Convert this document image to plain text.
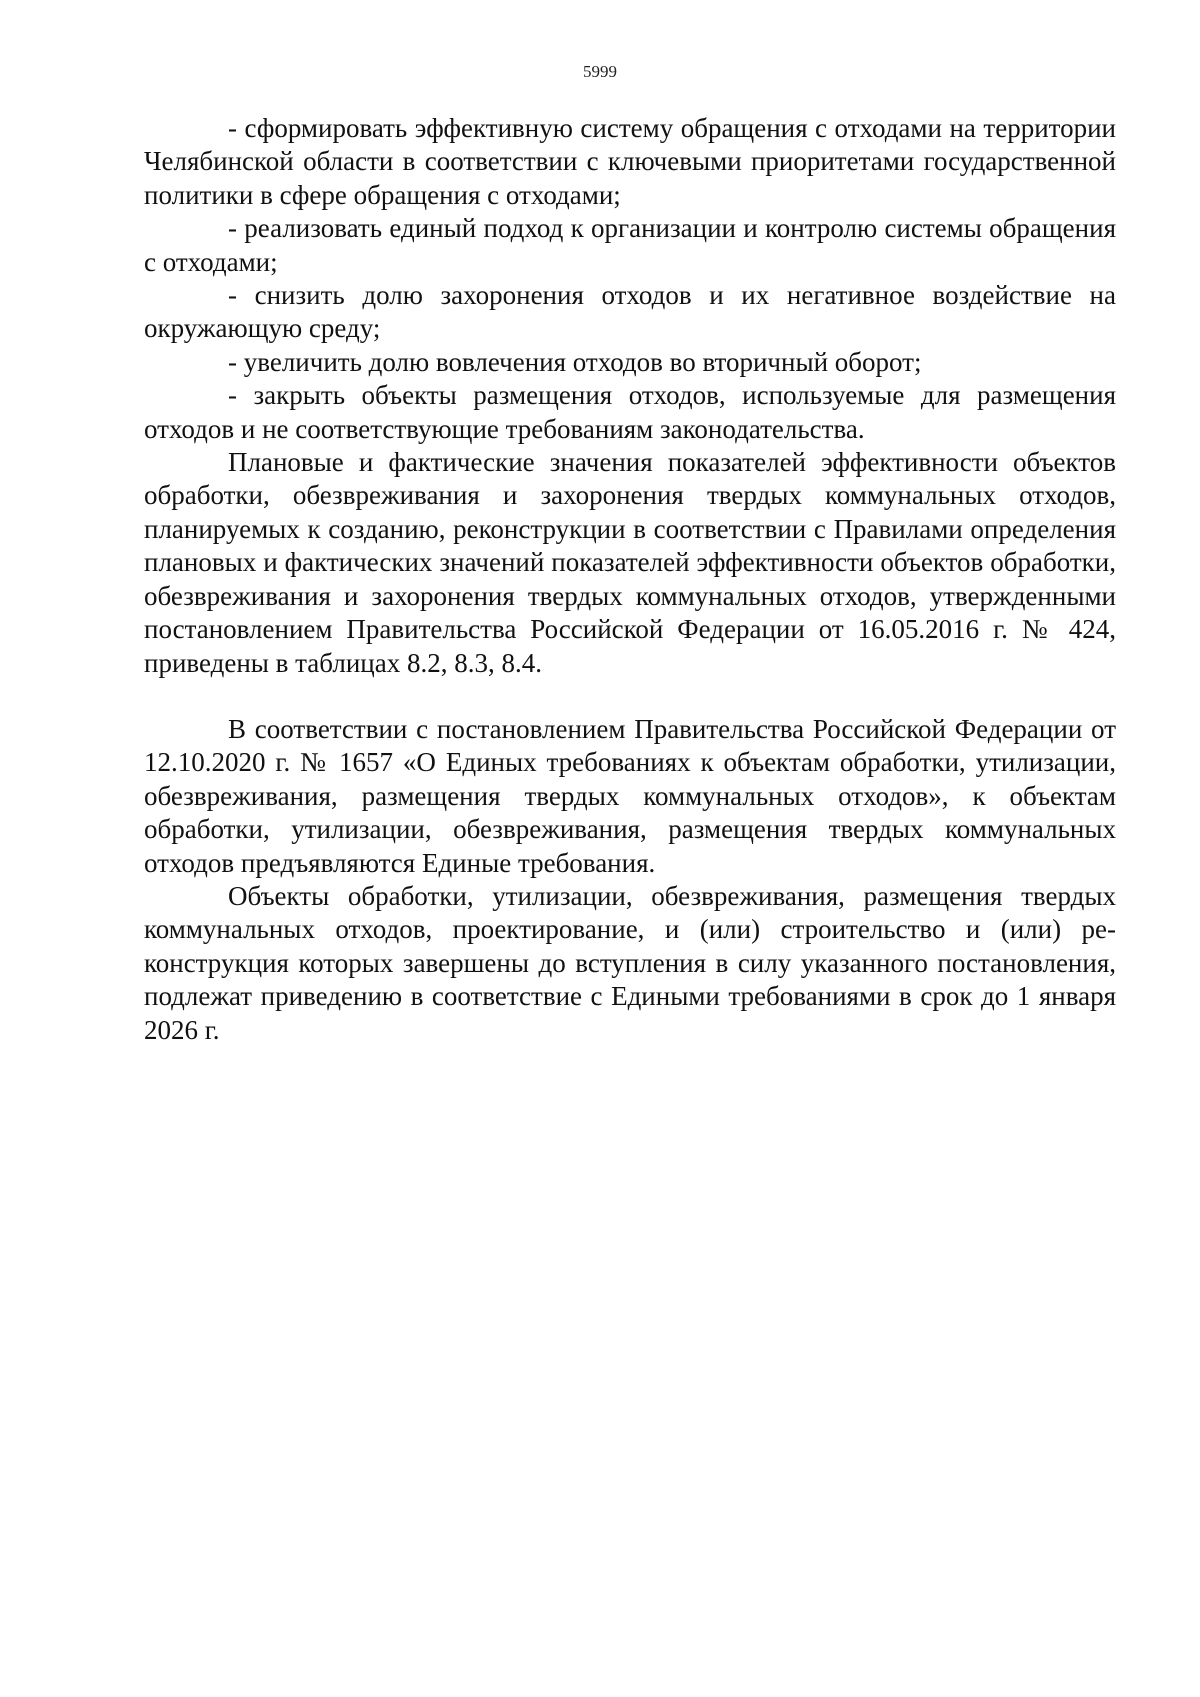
5999

- сформировать эффективную систему обращения с отходами на территории Челябинской области в соответствии с ключевыми приоритетами государственной политики в сфере обращения с отходами;

- реализовать единый подход к организации и контролю системы обращения с отходами;

- снизить долю захоронения отходов и их негативное воздействие на окружающую среду;

- увеличить долю вовлечения отходов во вторичный оборот;

- закрыть объекты размещения отходов, используемые для размещения отходов и не соответствующие требованиям законодательства.

Плановые и фактические значения показателей эффективности объектов обработки, обезвреживания и захоронения твердых коммунальных отходов, планируемых к созданию, реконструкции в соответствии с Правилами определения плановых и фактических значений показателей эффективности объектов обработки, обезвреживания и захоронения твердых коммунальных отходов, утвержденными постановлением Правительства Российской Федерации от 16.05.2016 г. № 424, приведены в таблицах 8.2, 8.3, 8.4.

В соответствии с постановлением Правительства Российской Федерации от 12.10.2020 г. № 1657 «О Единых требованиях к объектам обработки, утилизации, обезвреживания, размещения твердых коммунальных отходов», к объектам обработки, утилизации, обезвреживания, размещения твердых коммунальных отходов предъявляются Единые требования.

Объекты обработки, утилизации, обезвреживания, размещения твердых коммунальных отходов, проектирование, и (или) строительство и (или) реконструкция которых завершены до вступления в силу указанного постановления, подлежат приведению в соответствие с Едиными требованиями в срок до 1 января 2026 г.
